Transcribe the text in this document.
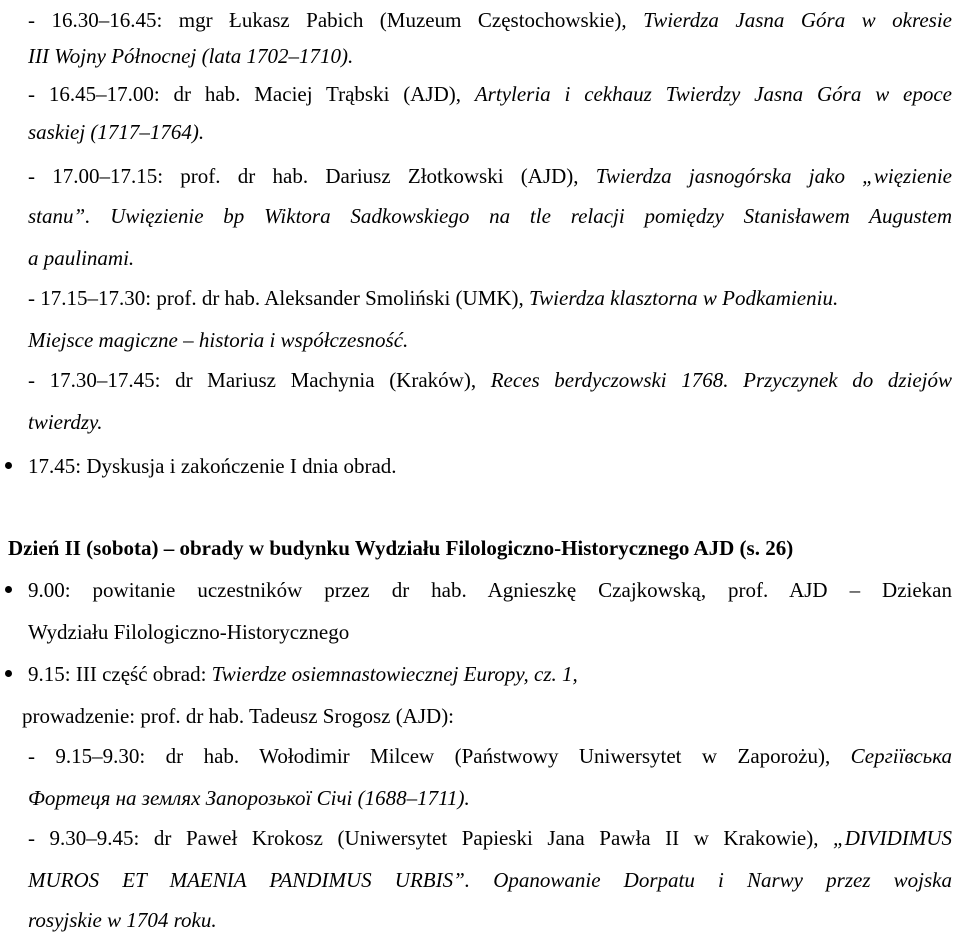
- 16.30–16.45: mgr Łukasz Pabich (Muzeum Częstochowskie), Twierdza Jasna Góra w okresie
III Wojny Północnej (lata 1702–1710).
- 16.45–17.00: dr hab. Maciej Trąbski (AJD), Artyleria i cekhauz Twierdzy Jasna Góra w epoce
saskiej (1717–1764).
- 17.00–17.15: prof. dr hab. Dariusz Złotkowski (AJD), Twierdza jasnogórska jako „więzienie
stanu”. Uwięzienie bp Wiktora Sadkowskiego na tle relacji pomiędzy Stanisławem Augustem
a paulinami.
- 17.15–17.30: prof. dr hab. Aleksander Smoliński (UMK), Twierdza klasztorna w Podkamieniu.
Miejsce magiczne – historia i współczesność.
- 17.30–17.45: dr Mariusz Machynia (Kraków), Reces berdyczowski 1768. Przyczynek do dziejów
twierdzy.
17.45: Dyskusja i zakończenie I dnia obrad.
Dzień II (sobota) – obrady w budynku Wydziału Filologiczno-Historycznego AJD (s. 26)
9.00: powitanie uczestników przez dr hab. Agnieszkę Czajkowską, prof. AJD – Dziekan
Wydziału Filologiczno-Historycznego
9.15: III część obrad: Twierdze osiemnastowiecznej Europy, cz. 1,
prowadzenie: prof. dr hab. Tadeusz Srogosz (AJD):
- 9.15–9.30: dr hab. Wołodimir Milcew (Państwowy Uniwersytet w Zaporożu), Сергіївська
Фортеця на землях Запорозької Січі (1688–1711).
- 9.30–9.45: dr Paweł Krokosz (Uniwersytet Papieski Jana Pawła II w Krakowie), „DIVIDIMUS
MUROS ET MAENIA PANDIMUS URBIS”. Opanowanie Dorpatu i Narwy przez wojska
rosyjskie w 1704 roku.
